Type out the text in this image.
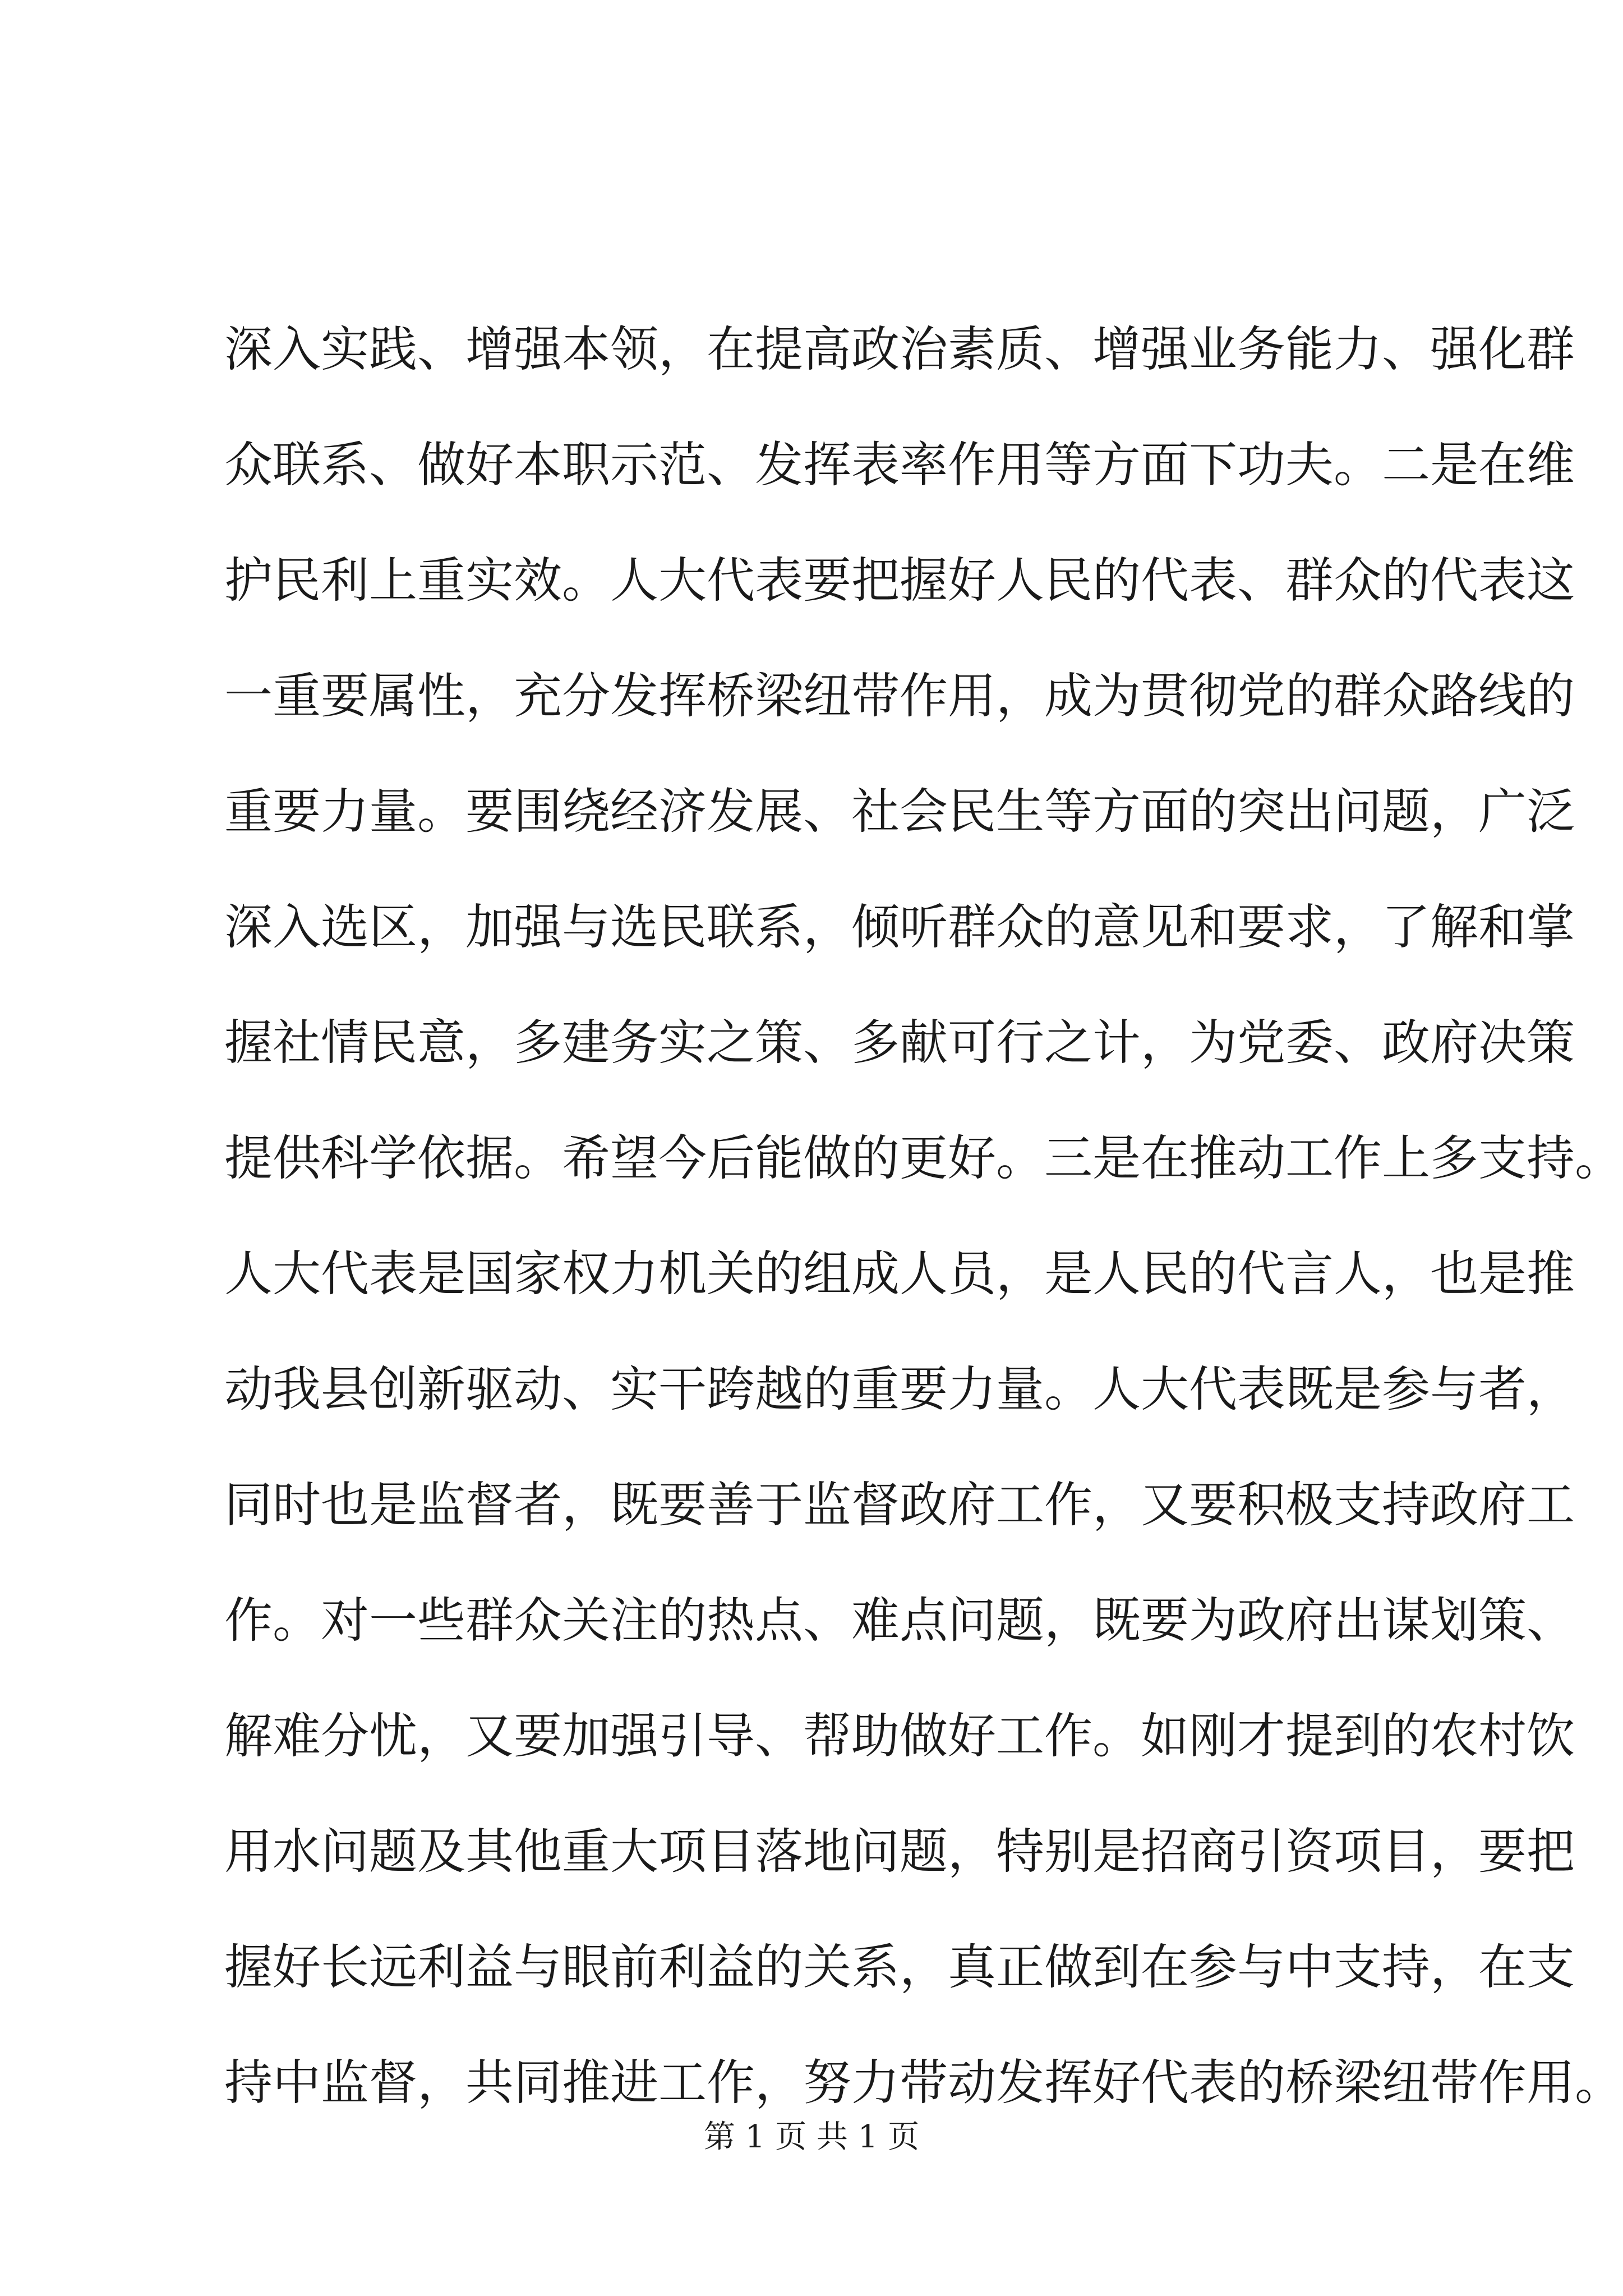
深入实践、增强本领，在提高政治素质、增强业务能力、强化群
众联系、做好本职示范、发挥表率作用等方面下功夫。二是在维
护民利上重实效。人大代表要把握好人民的代表、群众的代表这
一重要属性，充分发挥桥梁纽带作用，成为贯彻党的群众路线的
重要力量。要围绕经济发展、社会民生等方面的突出问题，广泛
深入选区，加强与选民联系，倾听群众的意见和要求，了解和掌
握社情民意，多建务实之策、多献可行之计，为党委、政府决策
提供科学依据。希望今后能做的更好。三是在推动工作上多支持。
人大代表是国家权力机关的组成人员，是人民的代言人，也是推
动我县创新驱动、实干跨越的重要力量。人大代表既是参与者，
同时也是监督者，既要善于监督政府工作，又要积极支持政府工
作。对一些群众关注的热点、难点问题，既要为政府出谋划策、
解难分忧，又要加强引导、帮助做好工作。如刚才提到的农村饮
用水问题及其他重大项目落地问题，特别是招商引资项目，要把
握好长远利益与眼前利益的关系，真正做到在参与中支持，在支
持中监督，共同推进工作，努力带动发挥好代表的桥梁纽带作用。
第 1 页 共 1 页
